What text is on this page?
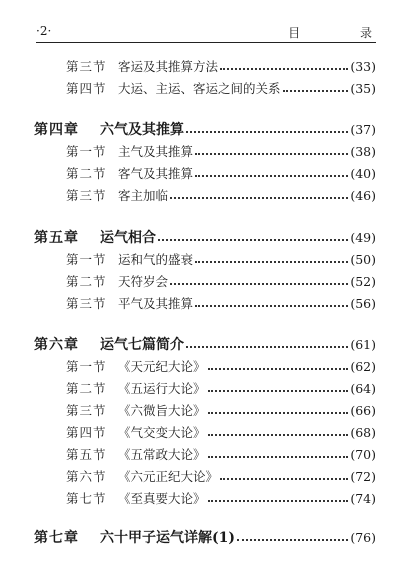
·2·	目 录
第三节 客运及其推算方法	(33)
第四节 大运、主运、客运之间的关系	(35)
第四章	六气及其推算	(37)
第一节 主气及其推算	(38)
第二节 客气及其推算	(40)
第三节 客主加临	(46)
第五章	运气相合	(49)
第一节 运和气的盛衰	(50)
第二节 天符岁会	(52)
第三节 平气及其推算	(56)
第六章	运气七篇简介	(61)
第一节 《天元纪大论》	(62)
第二节 《五运行大论》	(64)
第三节 《六微旨大论》	(66)
第四节 《气交变大论》	(68)
第五节 《五常政大论》	(70)
第六节 《六元正纪大论》	(72)
第七节 《至真要大论》	(74)
第七章	六十甲子运气详解(1)	(76)
